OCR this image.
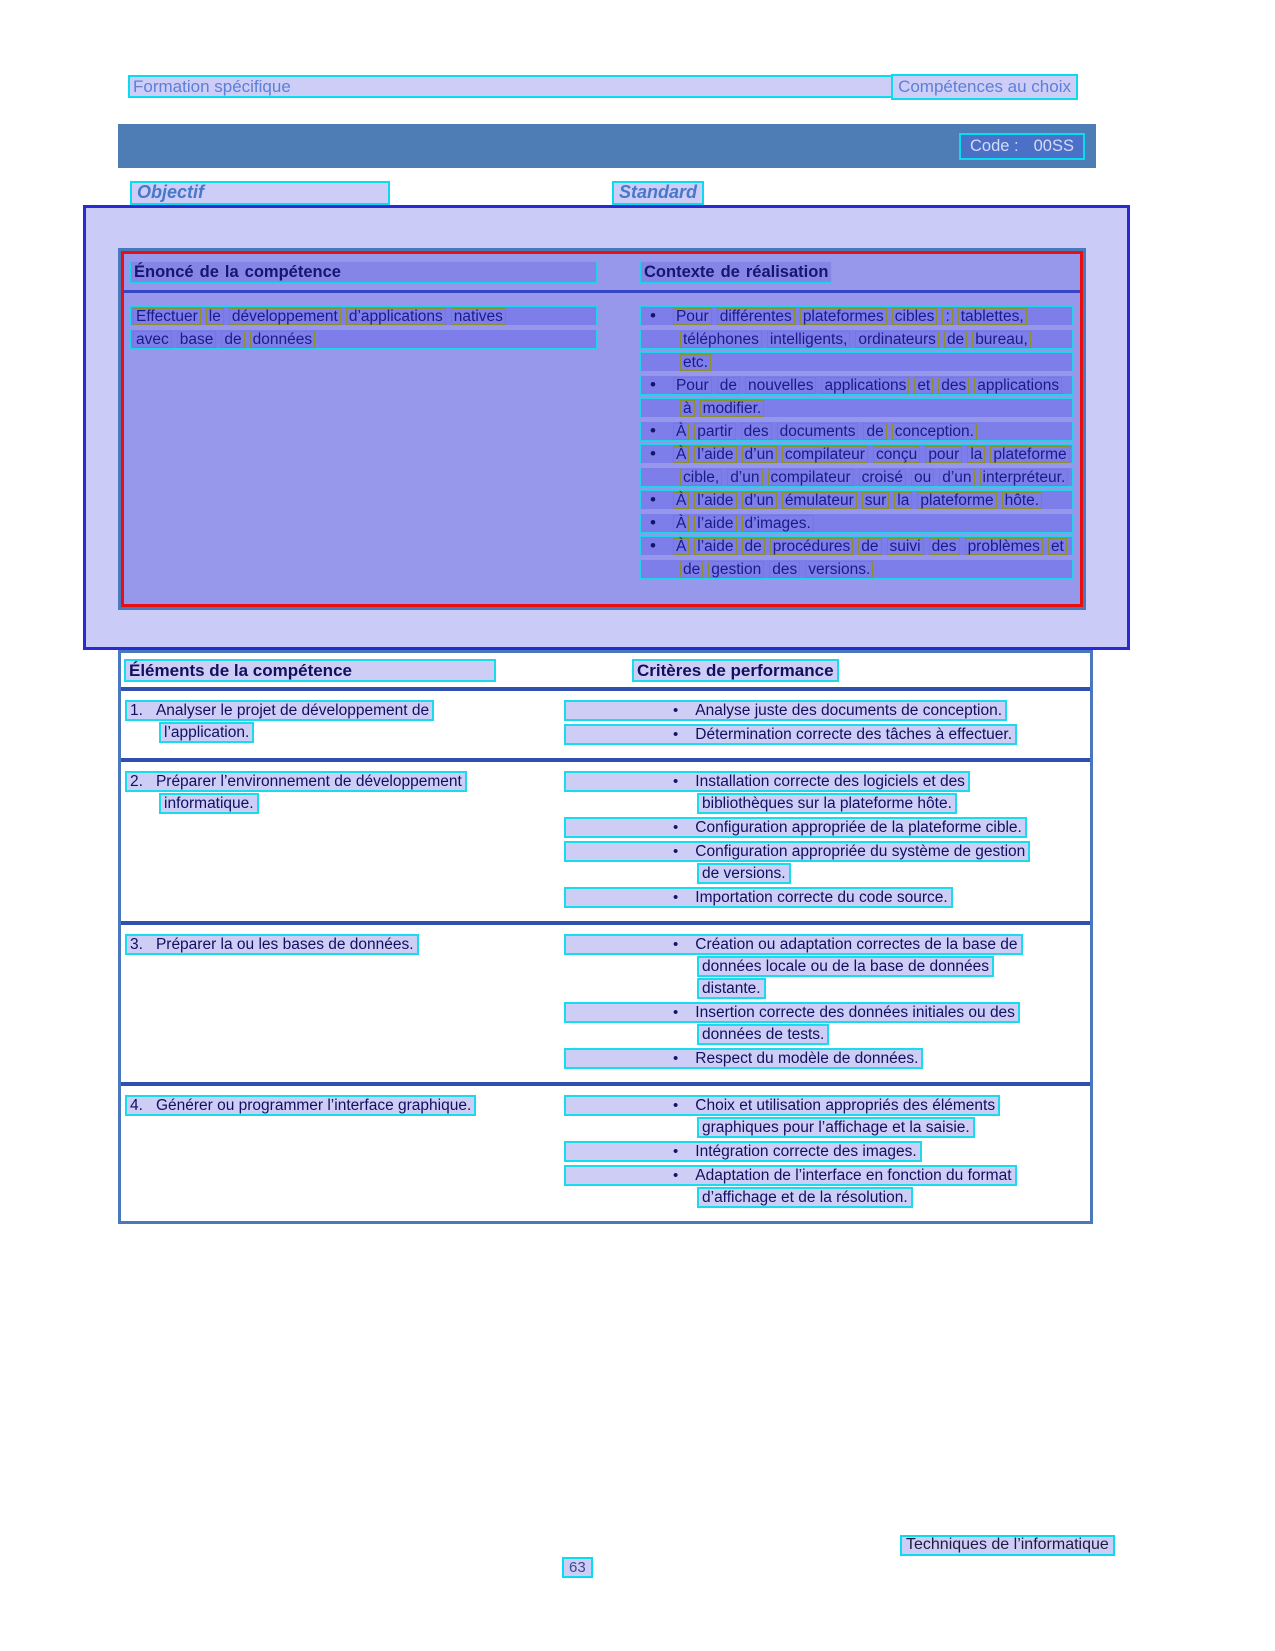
Formation spécifique	Compétences au choix
Code : 00SS
Objectif	Standard
Énoncé de la compétence	Contexte de réalisation
Effectuer le développement d’applications natives
avec base de données
• Pour différentes plateformes cibles : tablettes,
téléphones intelligents, ordinateurs de bureau,
etc.
• Pour de nouvelles applications et des applications
à modifier.
• À partir des documents de conception.
• À l’aide d’un compilateur conçu pour la plateforme
cible, d’un compilateur croisé ou d’un interpréteur.
• À l’aide d’un émulateur sur la plateforme hôte.
• À l’aide d’images.
• À l’aide de procédures de suivi des problèmes et
de gestion des versions.
Éléments de la compétence	Critères de performance
1. Analyser le projet de développement de
l’application.
• Analyse juste des documents de conception.
• Détermination correcte des tâches à effectuer.
2. Préparer l’environnement de développement
informatique.
• Installation correcte des logiciels et des
bibliothèques sur la plateforme hôte.
• Configuration appropriée de la plateforme cible.
• Configuration appropriée du système de gestion
de versions.
• Importation correcte du code source.
3. Préparer la ou les bases de données.	• Création ou adaptation correctes de la base de
données locale ou de la base de données
distante.
• Insertion correcte des données initiales ou des
données de tests.
• Respect du modèle de données.
4. Générer ou programmer l’interface graphique.	• Choix et utilisation appropriés des éléments
graphiques pour l’affichage et la saisie.
• Intégration correcte des images.
• Adaptation de l’interface en fonction du format
d’affichage et de la résolution.
Techniques de l’informatique
63
